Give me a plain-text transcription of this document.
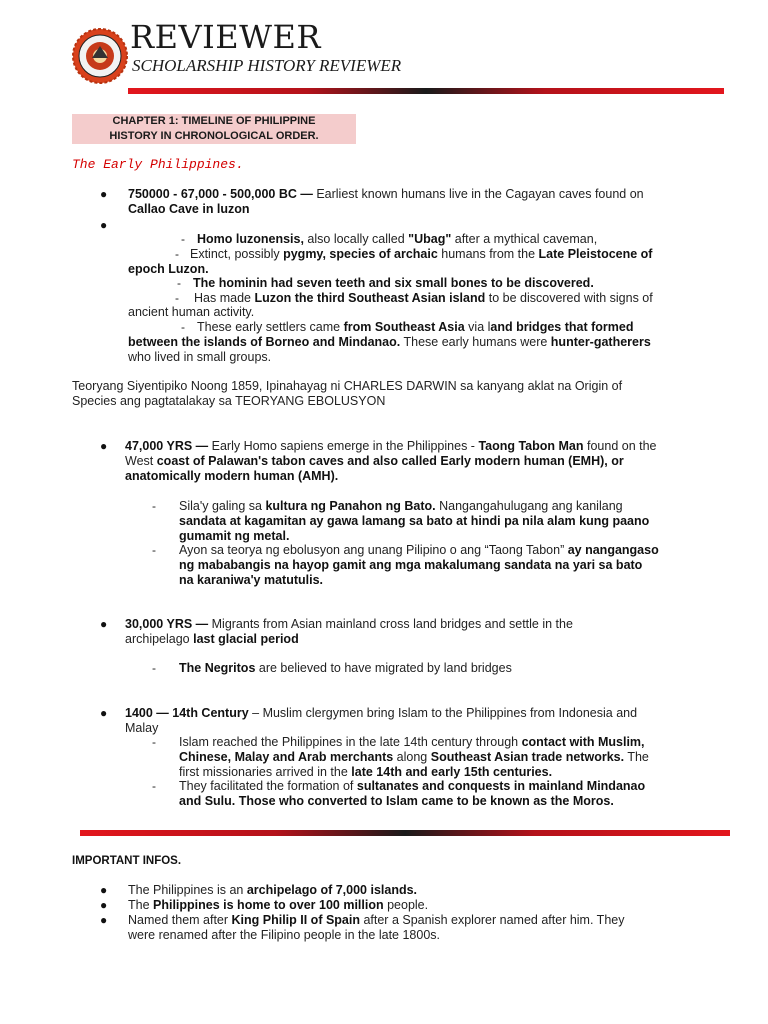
REVIEWER
SCHOLARSHIP HISTORY REVIEWER
CHAPTER 1: TIMELINE OF PHILIPPINE
HISTORY IN CHRONOLOGICAL ORDER.
The Early Philippines.
● 750000 - 67,000 - 500,000 BC — Earliest known humans live in the Cagayan caves found on
Callao Cave in luzon
●
- Homo luzonensis, also locally called "Ubag" after a mythical caveman,
- Extinct, possibly pygmy, species of archaic humans from the Late Pleistocene of
epoch Luzon.
- The hominin had seven teeth and six small bones to be discovered.
- Has made Luzon the third Southeast Asian island to be discovered with signs of
ancient human activity.
- These early settlers came from Southeast Asia via land bridges that formed
between the islands of Borneo and Mindanao. These early humans were hunter-gatherers
who lived in small groups.
Teoryang Siyentipiko Noong 1859, Ipinahayag ni CHARLES DARWIN sa kanyang aklat na Origin of
Species ang pagtatalakay sa TEORYANG EBOLUSYON
● 47,000 YRS — Early Homo sapiens emerge in the Philippines - Taong Tabon Man found on the
West coast of Palawan's tabon caves and also called Early modern human (EMH), or
anatomically modern human (AMH).
- Sila'y galing sa kultura ng Panahon ng Bato. Nangangahulugang ang kanilang
sandata at kagamitan ay gawa lamang sa bato at hindi pa nila alam kung paano
gumamit ng metal.
- Ayon sa teorya ng ebolusyon ang unang Pilipino o ang “Taong Tabon” ay nangangaso
ng mababangis na hayop gamit ang mga makalumang sandata na yari sa bato
na karaniwa'y matutulis.
● 30,000 YRS — Migrants from Asian mainland cross land bridges and settle in the
archipelago last glacial period
- The Negritos are believed to have migrated by land bridges
● 1400 — 14th Century – Muslim clergymen bring Islam to the Philippines from Indonesia and
Malay
- Islam reached the Philippines in the late 14th century through contact with Muslim,
Chinese, Malay and Arab merchants along Southeast Asian trade networks. The
first missionaries arrived in the late 14th and early 15th centuries.
- They facilitated the formation of sultanates and conquests in mainland Mindanao
and Sulu. Those who converted to Islam came to be known as the Moros.
IMPORTANT INFOS.
● The Philippines is an archipelago of 7,000 islands.
● The Philippines is home to over 100 million people.
● Named them after King Philip II of Spain after a Spanish explorer named after him. They
were renamed after the Filipino people in the late 1800s.
